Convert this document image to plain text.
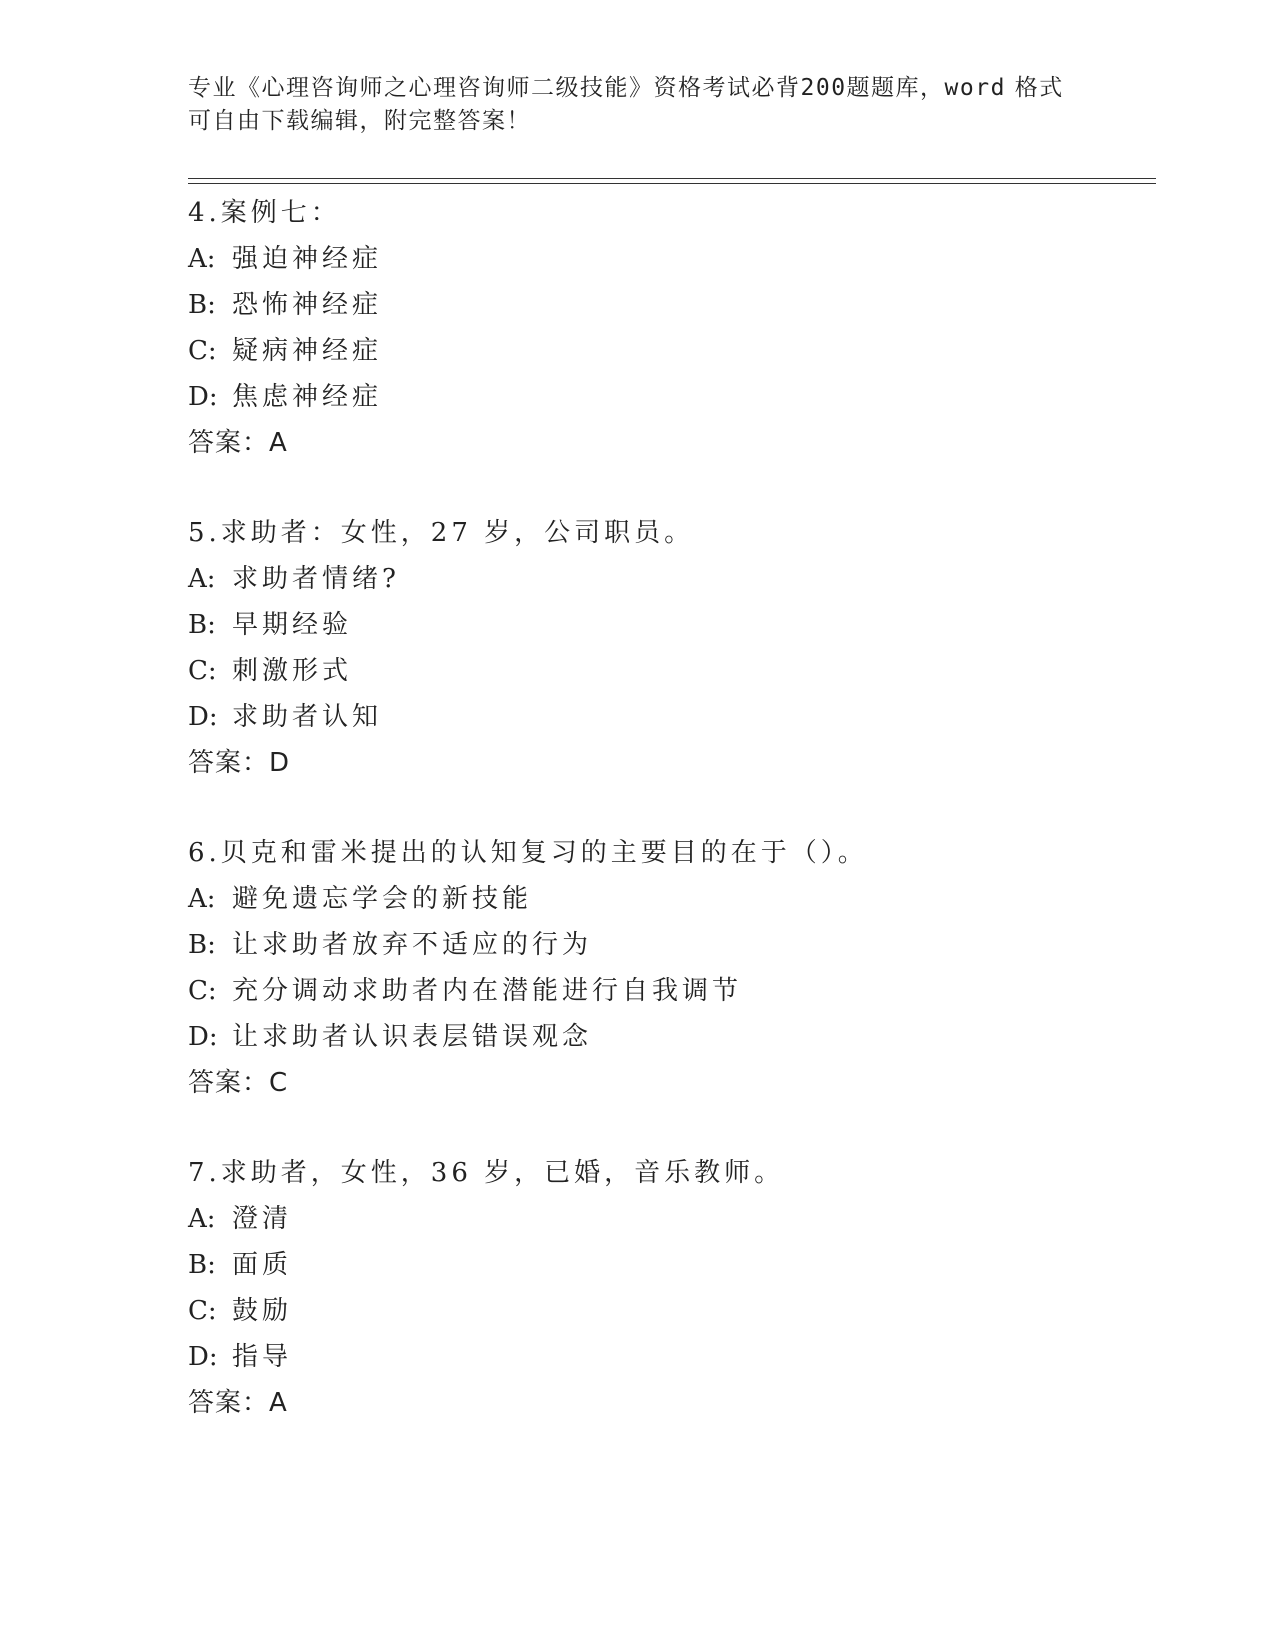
专业《心理咨询师之心理咨询师二级技能》资格考试必背200题题库，word 格式
可自由下载编辑，附完整答案！
4.案例七：
A: 强迫神经症
B: 恐怖神经症
C: 疑病神经症
D: 焦虑神经症
答案：A
5.求助者：女性，27 岁，公司职员。
A: 求助者情绪?
B: 早期经验
C: 刺激形式
D: 求助者认知
答案：D
6.贝克和雷米提出的认知复习的主要目的在于（）。
A: 避免遗忘学会的新技能
B: 让求助者放弃不适应的行为
C: 充分调动求助者内在潜能进行自我调节
D: 让求助者认识表层错误观念
答案：C
7.求助者，女性，36 岁，已婚，音乐教师。
A: 澄清
B: 面质
C: 鼓励
D: 指导
答案：A
